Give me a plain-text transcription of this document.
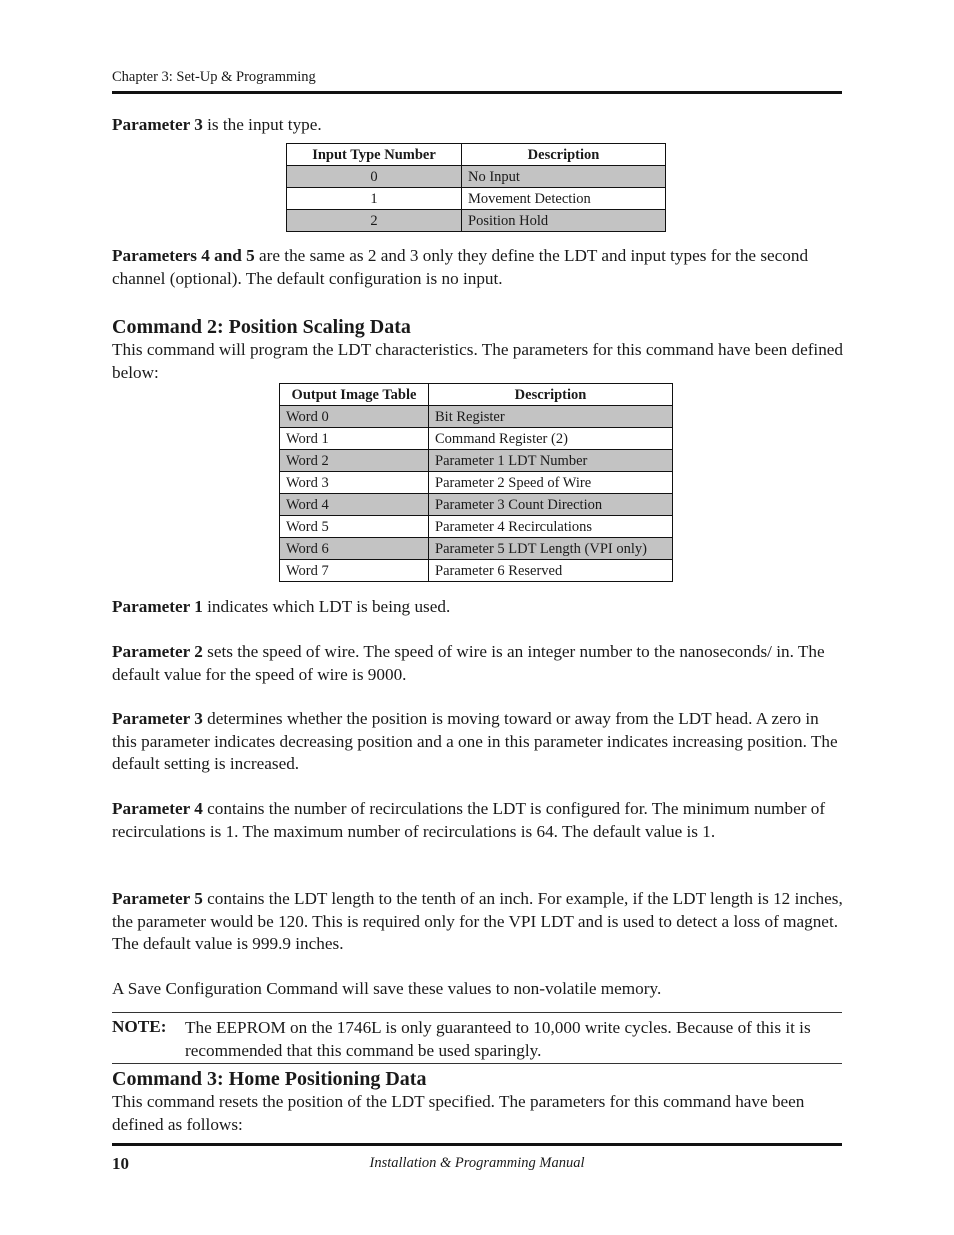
Chapter 3: Set-Up & Programming

Parameter 3 is the input type.

Input Type Number	Description
0	No Input
1	Movement Detection
2	Position Hold

Parameters 4 and 5 are the same as 2 and 3 only they define the LDT and input types for the second channel (optional). The default configuration is no input.

Command 2: Position Scaling Data

This command will program the LDT characteristics. The parameters for this command have been defined below:

Output Image Table	Description
Word 0	Bit Register
Word 1	Command Register (2)
Word 2	Parameter 1 LDT Number
Word 3	Parameter 2 Speed of Wire
Word 4	Parameter 3 Count Direction
Word 5	Parameter 4 Recirculations
Word 6	Parameter 5 LDT Length (VPI only)
Word 7	Parameter 6 Reserved

Parameter 1 indicates which LDT is being used.

Parameter 2 sets the speed of wire. The speed of wire is an integer number to the nanoseconds/ in. The default value for the speed of wire is 9000.

Parameter 3 determines whether the position is moving toward or away from the LDT head. A zero in this parameter indicates decreasing position and a one in this parameter indicates increasing position. The default setting is increased.

Parameter 4 contains the number of recirculations the LDT is configured for. The minimum number of recirculations is 1. The maximum number of recirculations is 64. The default value is 1.

Parameter 5 contains the LDT length to the tenth of an inch. For example, if the LDT length is 12 inches, the parameter would be 120. This is required only for the VPI LDT and is used to detect a loss of magnet. The default value is 999.9 inches.

A Save Configuration Command will save these values to non-volatile memory.

NOTE: The EEPROM on the 1746L is only guaranteed to 10,000 write cycles. Because of this it is recommended that this command be used sparingly.

Command 3: Home Positioning Data

This command resets the position of the LDT specified. The parameters for this command have been defined as follows:

10	Installation & Programming Manual
